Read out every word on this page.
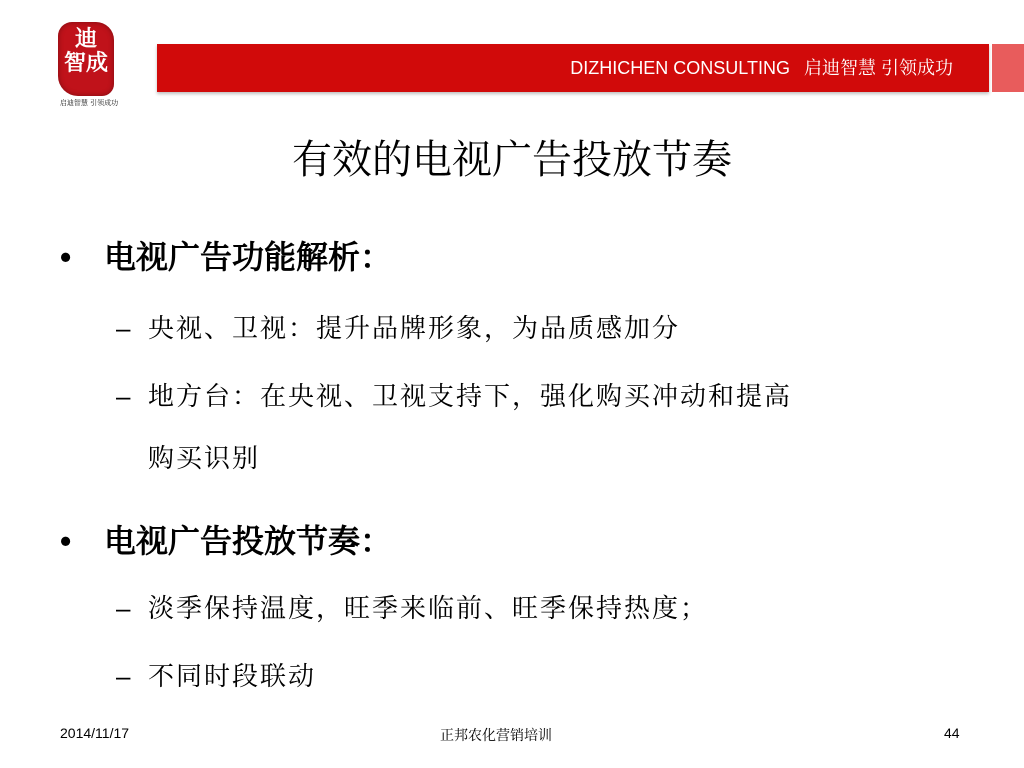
迪
智成
启迪智慧 引领成功
DIZHICHEN CONSULTING 启迪智慧 引领成功
有效的电视广告投放节奏
• 电视广告功能解析：
– 央视、卫视：提升品牌形象，为品质感加分
– 地方台：在央视、卫视支持下，强化购买冲动和提高
购买识别
• 电视广告投放节奏：
– 淡季保持温度，旺季来临前、旺季保持热度；
– 不同时段联动
2014/11/17	正邦农化营销培训	44
